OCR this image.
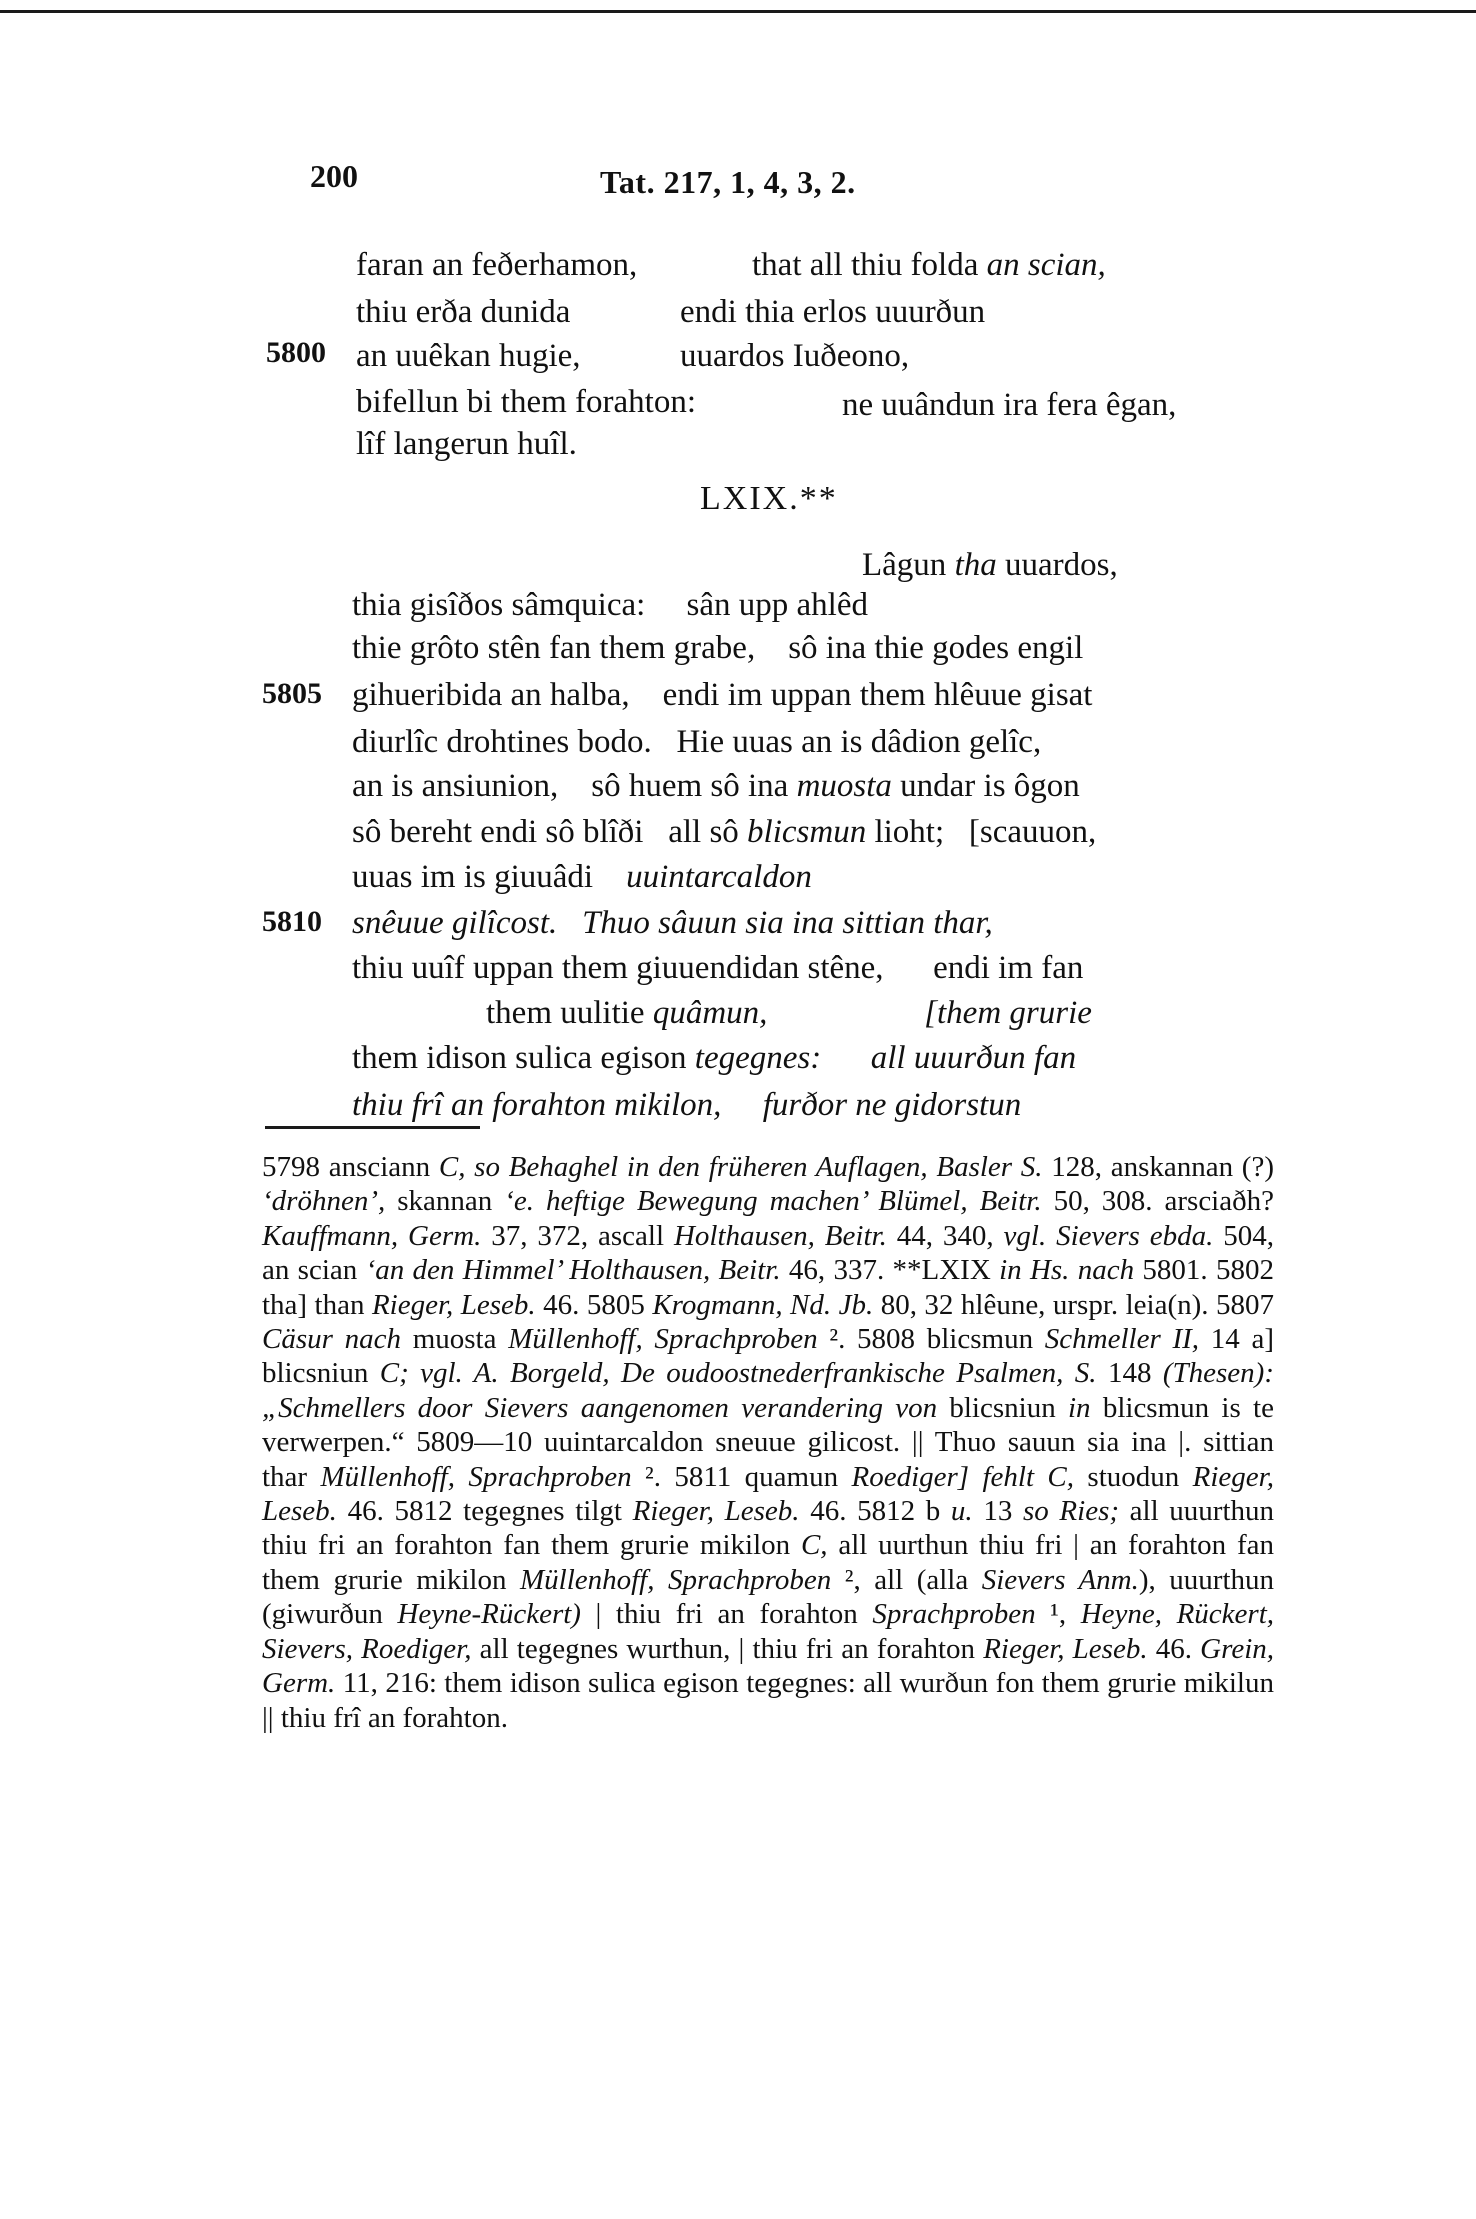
200	Tat. 217, 1, 4, 3, 2.
faran an feðerhamon,	that all thiu folda an scian,
thiu erða dunida	endi thia erlos uuurðun
5800 an uuêkan hugie,	uuardos Iuðeono,
bifellun bi them forahton:	ne uuândun ira fera êgan,
lîf langerun huîl.
LXIX.**
Lâgun tha uuardos,
thia gisîðos sâmquica:     sân upp ahlêd
thie grôto stên fan them grabe,    sô ina thie godes engil
5805 gihueribida an halba,    endi im uppan them hlêuue gisat
diurlîc drohtines bodo.   Hie uuas an is dâdion gelîc,
an is ansiunion,    sô huem sô ina muosta undar is ôgon
sô bereht endi sô blîði   all sô blicsmun lioht;   [scauuon,
uuas im is giuuâdi    uuintarcaldon
5810 snêuue gilîcost.   Thuo sâuun sia ina sittian thar,
thiu uuîf uppan them giuuendidan stêne,      endi im fan
them uulitie quâmun,                   [them grurie
them idison sulica egison tegegnes:      all uuurðun fan
thiu frî an forahton mikilon,     furðor ne gidorstun
5798 ansciann C, so Behaghel in den früheren Auflagen, Basler S. 128, anskannan (?) ‘dröhnen’, skannan ‘e. heftige Bewegung machen’ Blümel, Beitr. 50, 308. arsciaðh? Kauffmann, Germ. 37, 372, ascall Holthausen, Beitr. 44, 340, vgl. Sievers ebda. 504, an scian ‘an den Himmel’ Holthausen, Beitr. 46, 337. **LXIX in Hs. nach 5801. 5802 tha] than Rieger, Leseb. 46. 5805 Krogmann, Nd. Jb. 80, 32 hlêune, urspr. leia(n). 5807 Cäsur nach muosta Müllenhoff, Sprachproben ². 5808 blicsmun Schmeller II, 14 a] blicsniun C; vgl. A. Borgeld, De oudoostnederfrankische Psalmen, S. 148 (Thesen): „Schmellers door Sievers aangenomen verandering von blicsniun in blicsmun is te verwerpen.“ 5809—10 uuintarcaldon sneuue gilicost. || Thuo sauun sia ina |. sittian thar Müllenhoff, Sprachproben ². 5811 quamun Roediger] fehlt C, stuodun Rieger, Leseb. 46. 5812 tegegnes tilgt Rieger, Leseb. 46. 5812 b u. 13 so Ries; all uuurthun thiu fri an forahton fan them grurie mikilon C, all uurthun thiu fri | an forahton fan them grurie mikilon Müllenhoff, Sprachproben ², all (alla Sievers Anm.), uuurthun (giwurðun Heyne-Rückert) | thiu fri an forahton Sprachproben ¹, Heyne, Rückert, Sievers, Roediger, all tegegnes wurthun, | thiu fri an forahton Rieger, Leseb. 46. Grein, Germ. 11, 216: them idison sulica egison tegegnes: all wurðun fon them grurie mikilun || thiu frî an forahton.
